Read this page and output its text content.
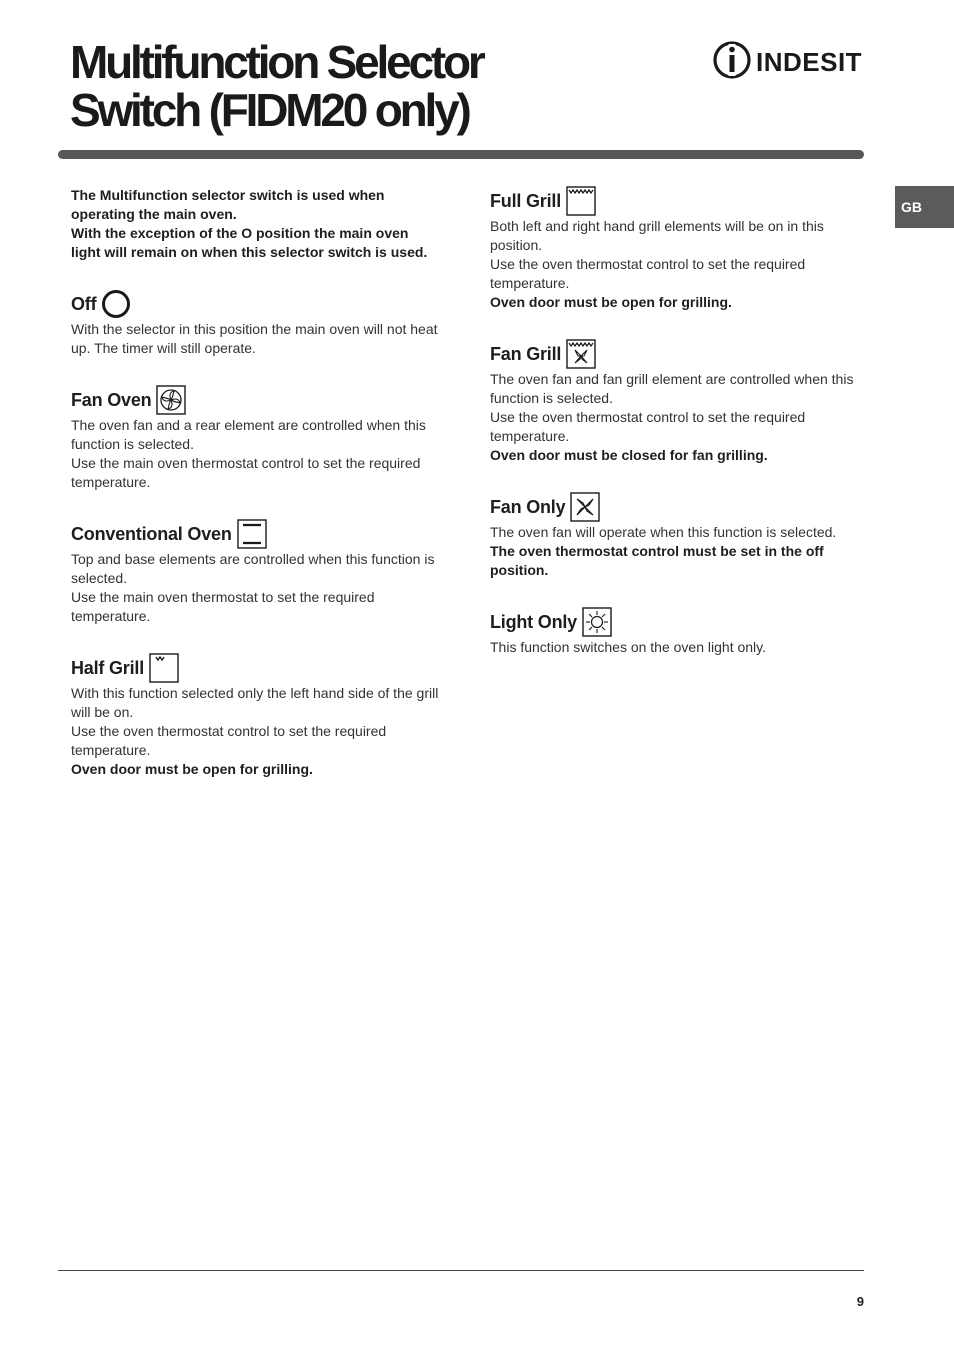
Multifunction Selector
Switch (FIDM20 only)
INDESIT
GB

The Multifunction selector switch is used when operating the main oven.

With the exception of the O position the main oven light will remain on when this selector switch is used.

Off

With the selector in this position the main oven will not heat up. The timer will still operate.

Fan Oven

The oven fan and a rear element are controlled when this function is selected.

Use the main oven thermostat control to set the required temperature.

Conventional Oven

Top and base elements are controlled when this function is selected.

Use the main oven thermostat to set the required temperature.

Half Grill

With this function selected only the left hand side of the grill will be on.

Use the oven thermostat control to set the required temperature.

Oven door must be open for grilling.

Full Grill

Both left and right hand grill elements will be on in this position.

Use the oven thermostat control to set the required temperature.

Oven door must be open for grilling.

Fan Grill

The oven fan and fan grill element are controlled when this function is selected.

Use the oven thermostat control to set the required temperature.

Oven door must be closed for fan grilling.

Fan Only

The oven fan will operate when this function is selected.

The oven thermostat control must be set in the off position.

Light Only

This function switches on the oven light only.

9
